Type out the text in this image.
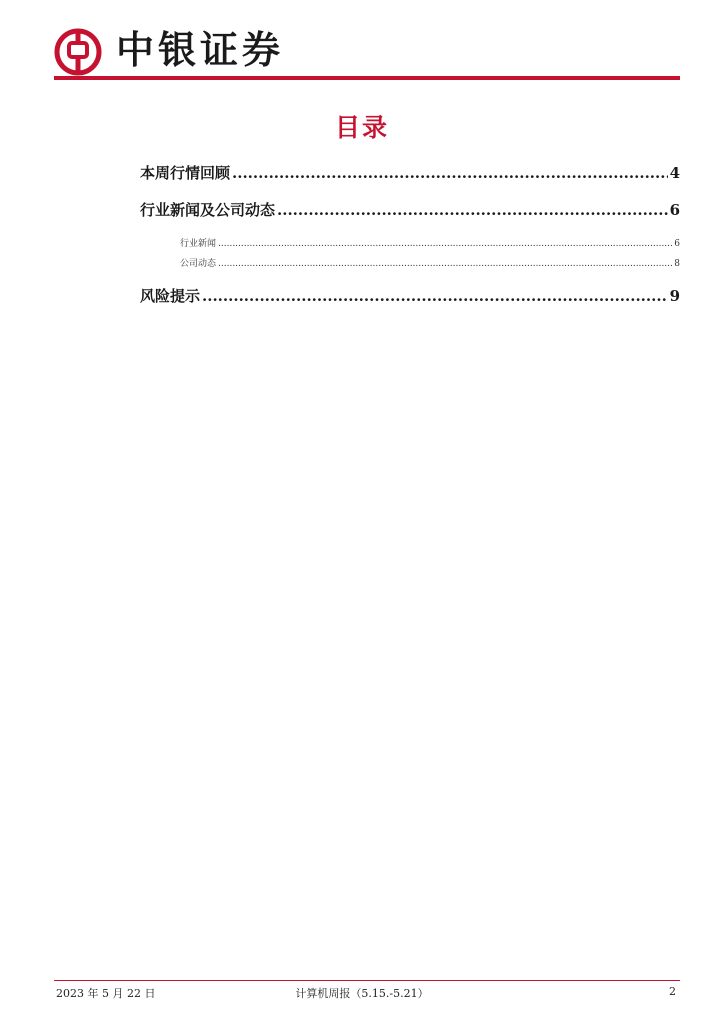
中银证券
目录
本周行情回顾 .....	4
行业新闻及公司动态 .....	6
行业新闻 .....	6
公司动态 .....	8
风险提示 .....	9
2023 年 5 月 22 日	计算机周报（5.15.-5.21）	2
